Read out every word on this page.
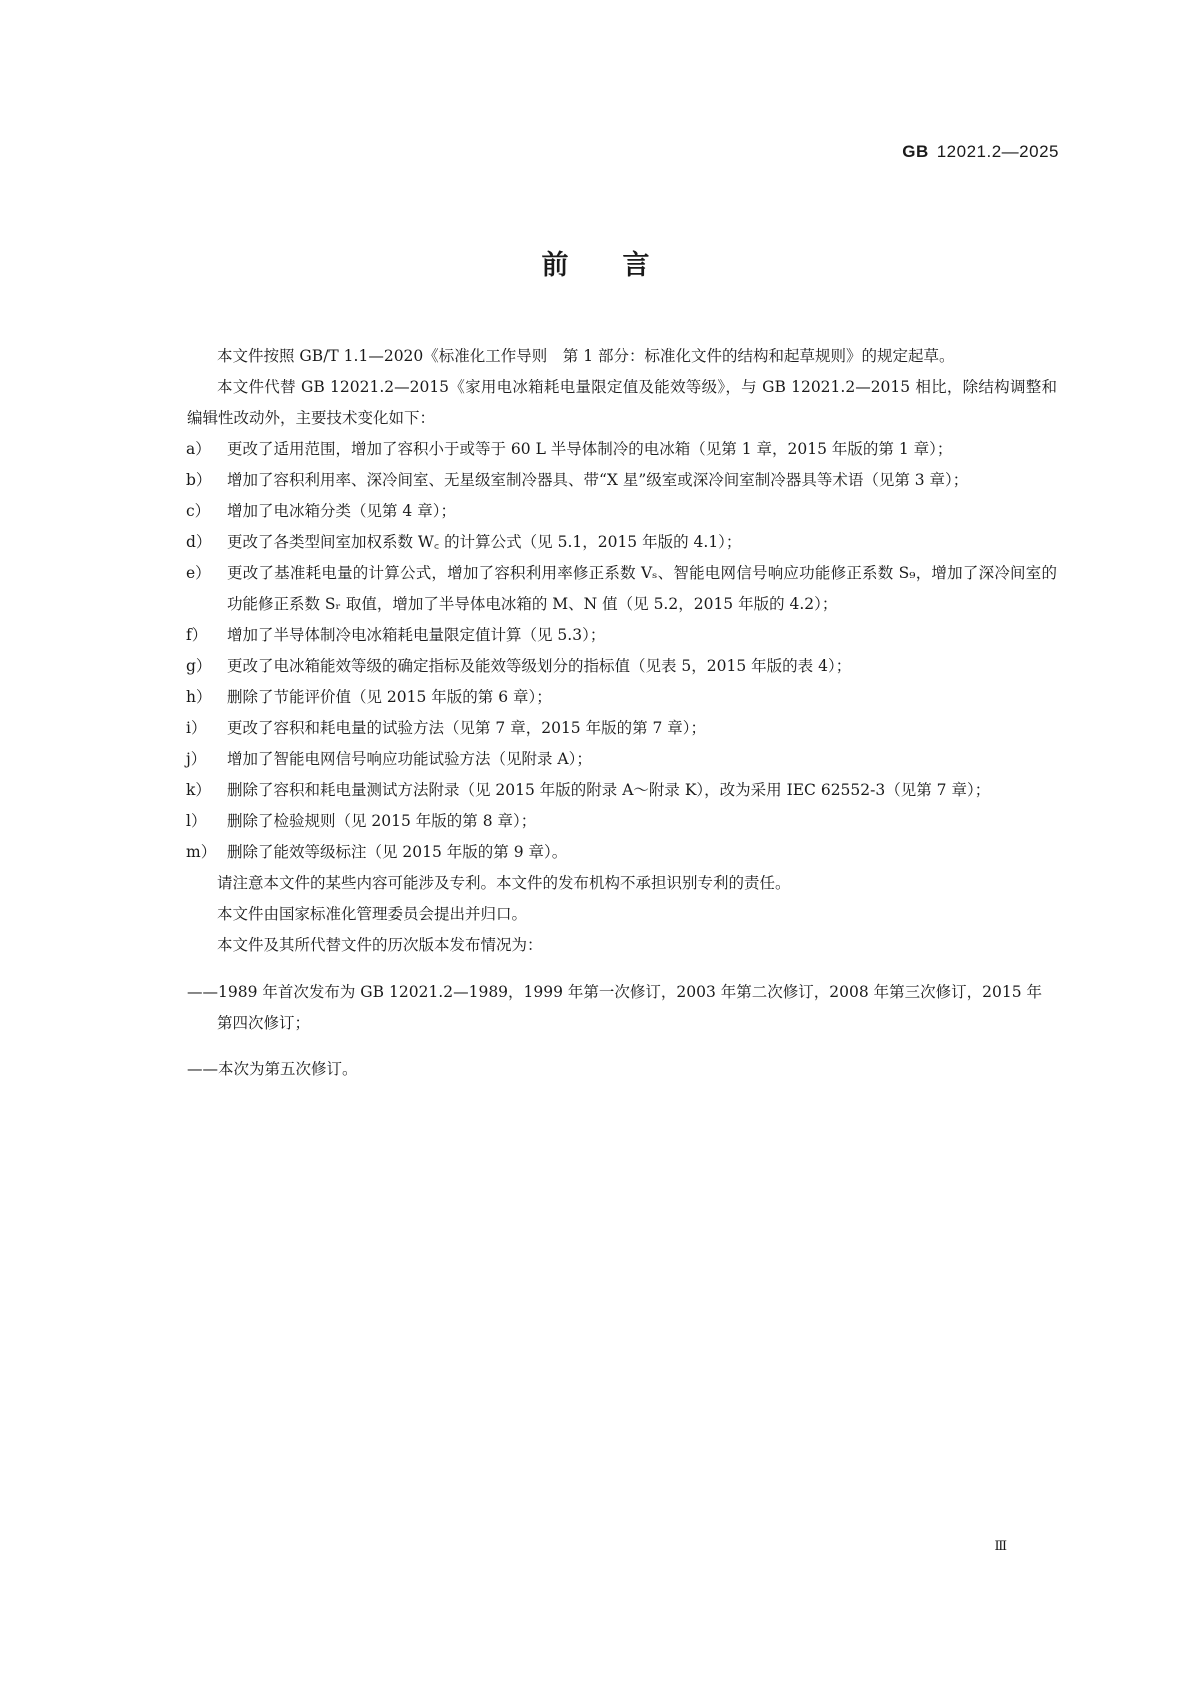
GB 12021.2—2025
前言

本文件按照 GB/T 1.1—2020《标准化工作导则　第 1 部分：标准化文件的结构和起草规则》的规定起草。

本文件代替 GB 12021.2—2015《家用电冰箱耗电量限定值及能效等级》，与 GB 12021.2—2015 相比，除结构调整和编辑性改动外，主要技术变化如下：

a）	更改了适用范围，增加了容积小于或等于 60 L 半导体制冷的电冰箱（见第 1 章，2015 年版的第 1 章）；
b）	增加了容积利用率、深冷间室、无星级室制冷器具、带“X 星”级室或深冷间室制冷器具等术语（见第 3 章）；
c）	增加了电冰箱分类（见第 4 章）；
d）	更改了各类型间室加权系数 W꜀ 的计算公式（见 5.1，2015 年版的 4.1）；
e）	更改了基准耗电量的计算公式，增加了容积利用率修正系数 Vₛ、智能电网信号响应功能修正系数 S₉，增加了深冷间室的功能修正系数 Sᵣ 取值，增加了半导体电冰箱的 M、N 值（见 5.2，2015 年版的 4.2）；
f）	增加了半导体制冷电冰箱耗电量限定值计算（见 5.3）；
g）	更改了电冰箱能效等级的确定指标及能效等级划分的指标值（见表 5，2015 年版的表 4）；
h）	删除了节能评价值（见 2015 年版的第 6 章）；
i）	更改了容积和耗电量的试验方法（见第 7 章，2015 年版的第 7 章）；
j）	增加了智能电网信号响应功能试验方法（见附录 A）；
k）	删除了容积和耗电量测试方法附录（见 2015 年版的附录 A～附录 K），改为采用 IEC 62552-3（见第 7 章）；
l）	删除了检验规则（见 2015 年版的第 8 章）；
m） 删除了能效等级标注（见 2015 年版的第 9 章）。

请注意本文件的某些内容可能涉及专利。本文件的发布机构不承担识别专利的责任。

本文件由国家标准化管理委员会提出并归口。

本文件及其所代替文件的历次版本发布情况为：

——1989 年首次发布为 GB 12021.2—1989，1999 年第一次修订，2003 年第二次修订，2008 年第三次修订，2015 年第四次修订；

——本次为第五次修订。

Ⅲ
